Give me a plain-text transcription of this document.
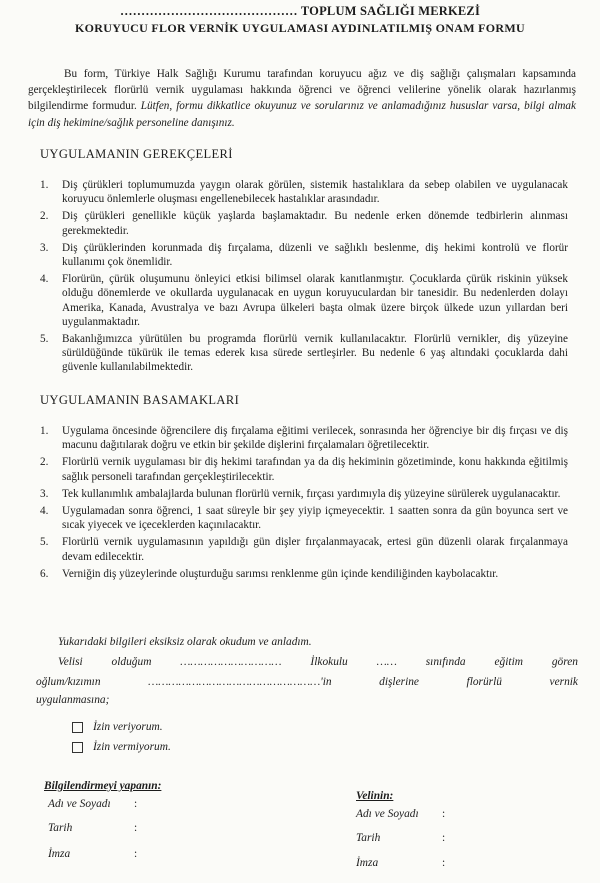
…………………………………… TOPLUM SAĞLIĞI MERKEZİ
KORUYUCU FLOR VERNİK UYGULAMASI AYDINLATILMIŞ ONAM FORMU
Bu form, Türkiye Halk Sağlığı Kurumu tarafından koruyucu ağız ve diş sağlığı çalışmaları kapsamında gerçekleştirilecek florürlü vernik uygulaması hakkında öğrenci ve öğrenci velilerine yönelik olarak hazırlanmış bilgilendirme formudur. Lütfen, formu dikkatlice okuyunuz ve sorularınız ve anlamadığınız hususlar varsa, bilgi almak için diş hekimine/sağlık personeline danışınız.
UYGULAMANIN GEREKÇELERİ
1. Diş çürükleri toplumumuzda yaygın olarak görülen, sistemik hastalıklara da sebep olabilen ve uygulanacak koruyucu önlemlerle oluşması engellenebilecek hastalıklar arasındadır.
2. Diş çürükleri genellikle küçük yaşlarda başlamaktadır. Bu nedenle erken dönemde tedbirlerin alınması gerekmektedir.
3. Diş çürüklerinden korunmada diş fırçalama, düzenli ve sağlıklı beslenme, diş hekimi kontrolü ve florür kullanımı çok önemlidir.
4. Florürün, çürük oluşumunu önleyici etkisi bilimsel olarak kanıtlanmıştır. Çocuklarda çürük riskinin yüksek olduğu dönemlerde ve okullarda uygulanacak en uygun koruyuculardan bir tanesidir. Bu nedenlerden dolayı Amerika, Kanada, Avustralya ve bazı Avrupa ülkeleri başta olmak üzere birçok ülkede uzun yıllardan beri uygulanmaktadır.
5. Bakanlığımızca yürütülen bu programda florürlü vernik kullanılacaktır. Florürlü vernikler, diş yüzeyine sürüldüğünde tükürük ile temas ederek kısa sürede sertleşirler. Bu nedenle 6 yaş altındaki çocuklarda dahi güvenle kullanılabilmektedir.
UYGULAMANIN BASAMAKLARI
1. Uygulama öncesinde öğrencilere diş fırçalama eğitimi verilecek, sonrasında her öğrenciye bir diş fırçası ve diş macunu dağıtılarak doğru ve etkin bir şekilde dişlerini fırçalamaları öğretilecektir.
2. Florürlü vernik uygulaması bir diş hekimi tarafından ya da diş hekiminin gözetiminde, konu hakkında eğitilmiş sağlık personeli tarafından gerçekleştirilecektir.
3. Tek kullanımlık ambalajlarda bulunan florürlü vernik, fırçası yardımıyla diş yüzeyine sürülerek uygulanacaktır.
4. Uygulamadan sonra öğrenci, 1 saat süreyle bir şey yiyip içmeyecektir. 1 saatten sonra da gün boyunca sert ve sıcak yiyecek ve içeceklerden kaçınılacaktır.
5. Florürlü vernik uygulamasının yapıldığı gün dişler fırçalanmayacak, ertesi gün düzenli olarak fırçalanmaya devam edilecektir.
6. Verniğin diş yüzeylerinde oluşturduğu sarımsı renklenme gün içinde kendiliğinden kaybolacaktır.
Yukarıdaki bilgileri eksiksiz olarak okudum ve anladım.
Velisi olduğum ………………………… İlkokulu …… sınıfında eğitim gören
oğlum/kızımın ……………………………………………'in dişlerine florürlü vernik
uygulanmasına;
İzin veriyorum.
İzin vermiyorum.
Bilgilendirmeyi yapanın:
Adı ve Soyadı :
Tarih	:
İmza	:
Velinin:
Adı ve Soyadı :
Tarih	:
İmza	:
